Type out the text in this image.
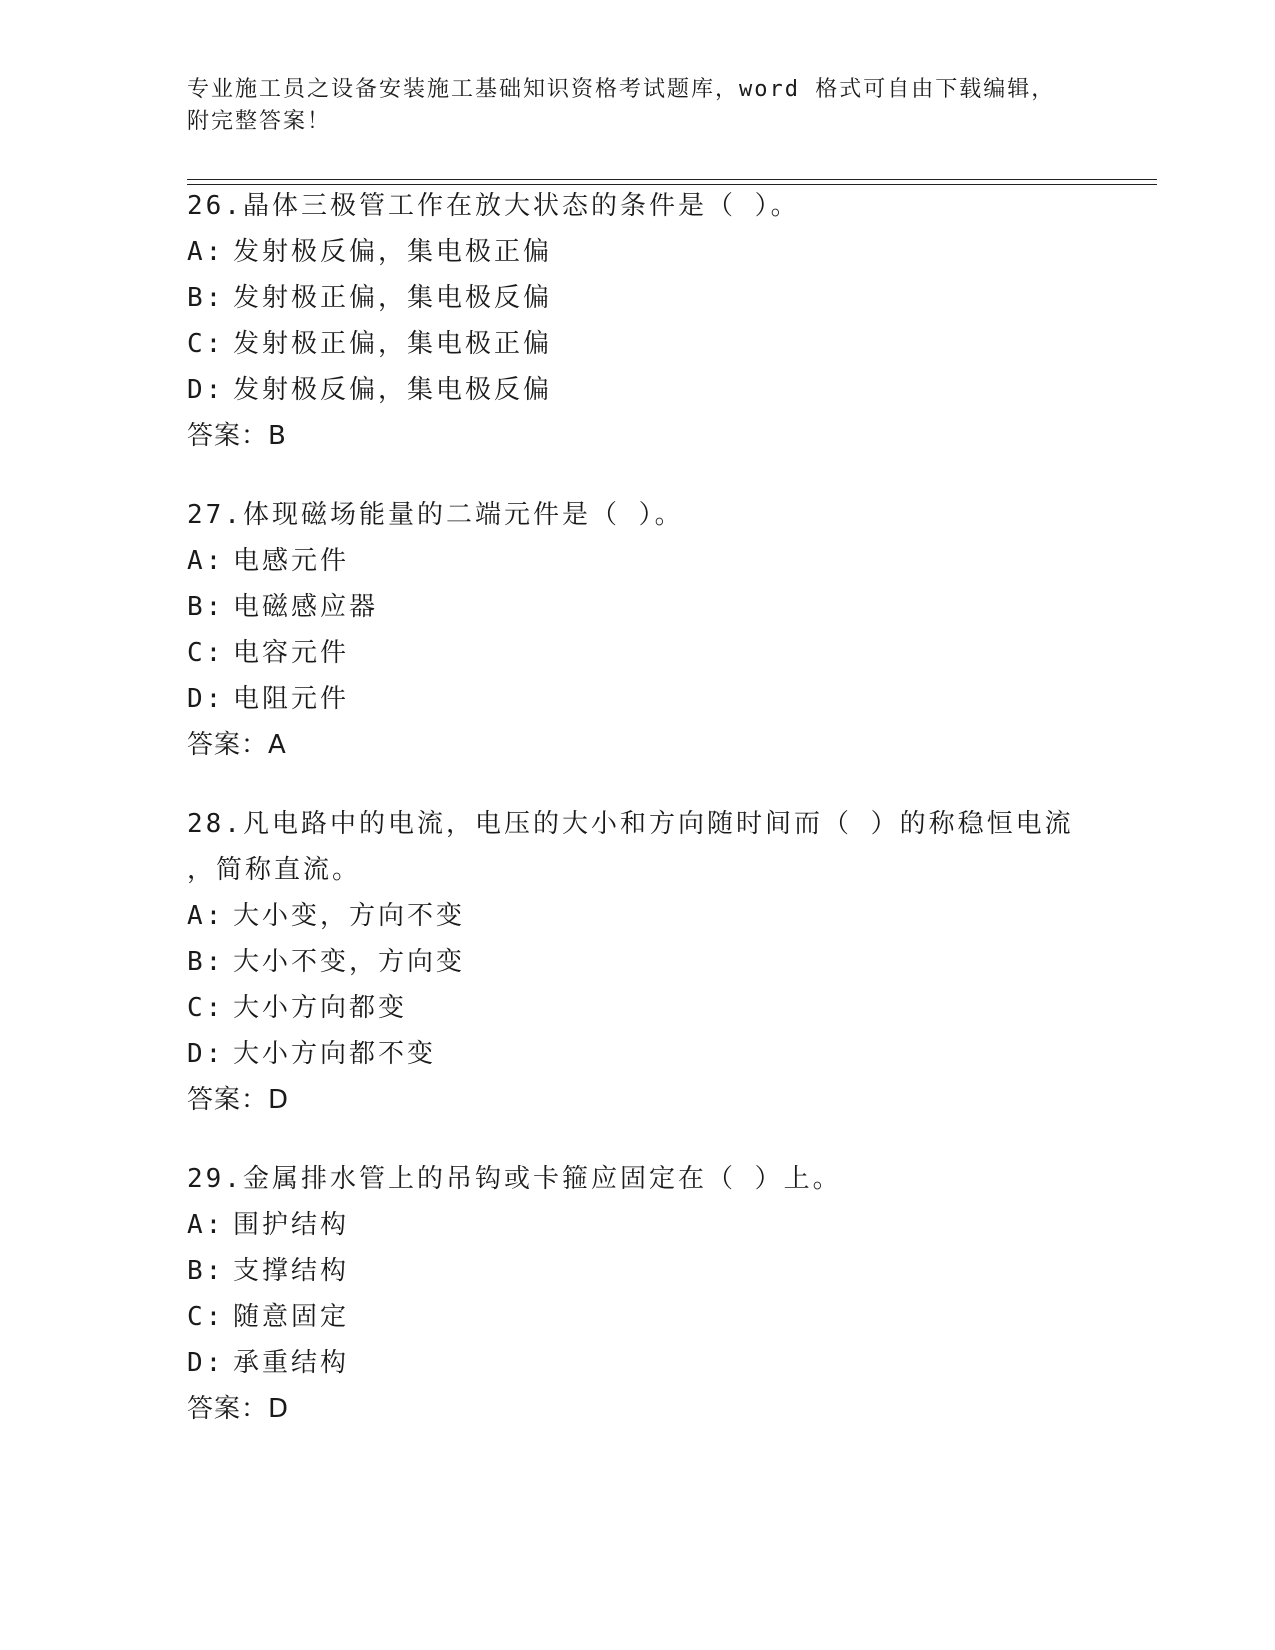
专业施工员之设备安装施工基础知识资格考试题库，word 格式可自由下载编辑，
附完整答案！
26.晶体三极管工作在放大状态的条件是（ ）。
A: 发射极反偏，集电极正偏
B: 发射极正偏，集电极反偏
C: 发射极正偏，集电极正偏
D: 发射极反偏，集电极反偏
答案：B
27.体现磁场能量的二端元件是（ ）。
A: 电感元件
B: 电磁感应器
C: 电容元件
D: 电阻元件
答案：A
28.凡电路中的电流，电压的大小和方向随时间而（ ）的称稳恒电流
，简称直流。
A: 大小变，方向不变
B: 大小不变，方向变
C: 大小方向都变
D: 大小方向都不变
答案：D
29.金属排水管上的吊钩或卡箍应固定在（ ）上。
A: 围护结构
B: 支撑结构
C: 随意固定
D: 承重结构
答案：D
